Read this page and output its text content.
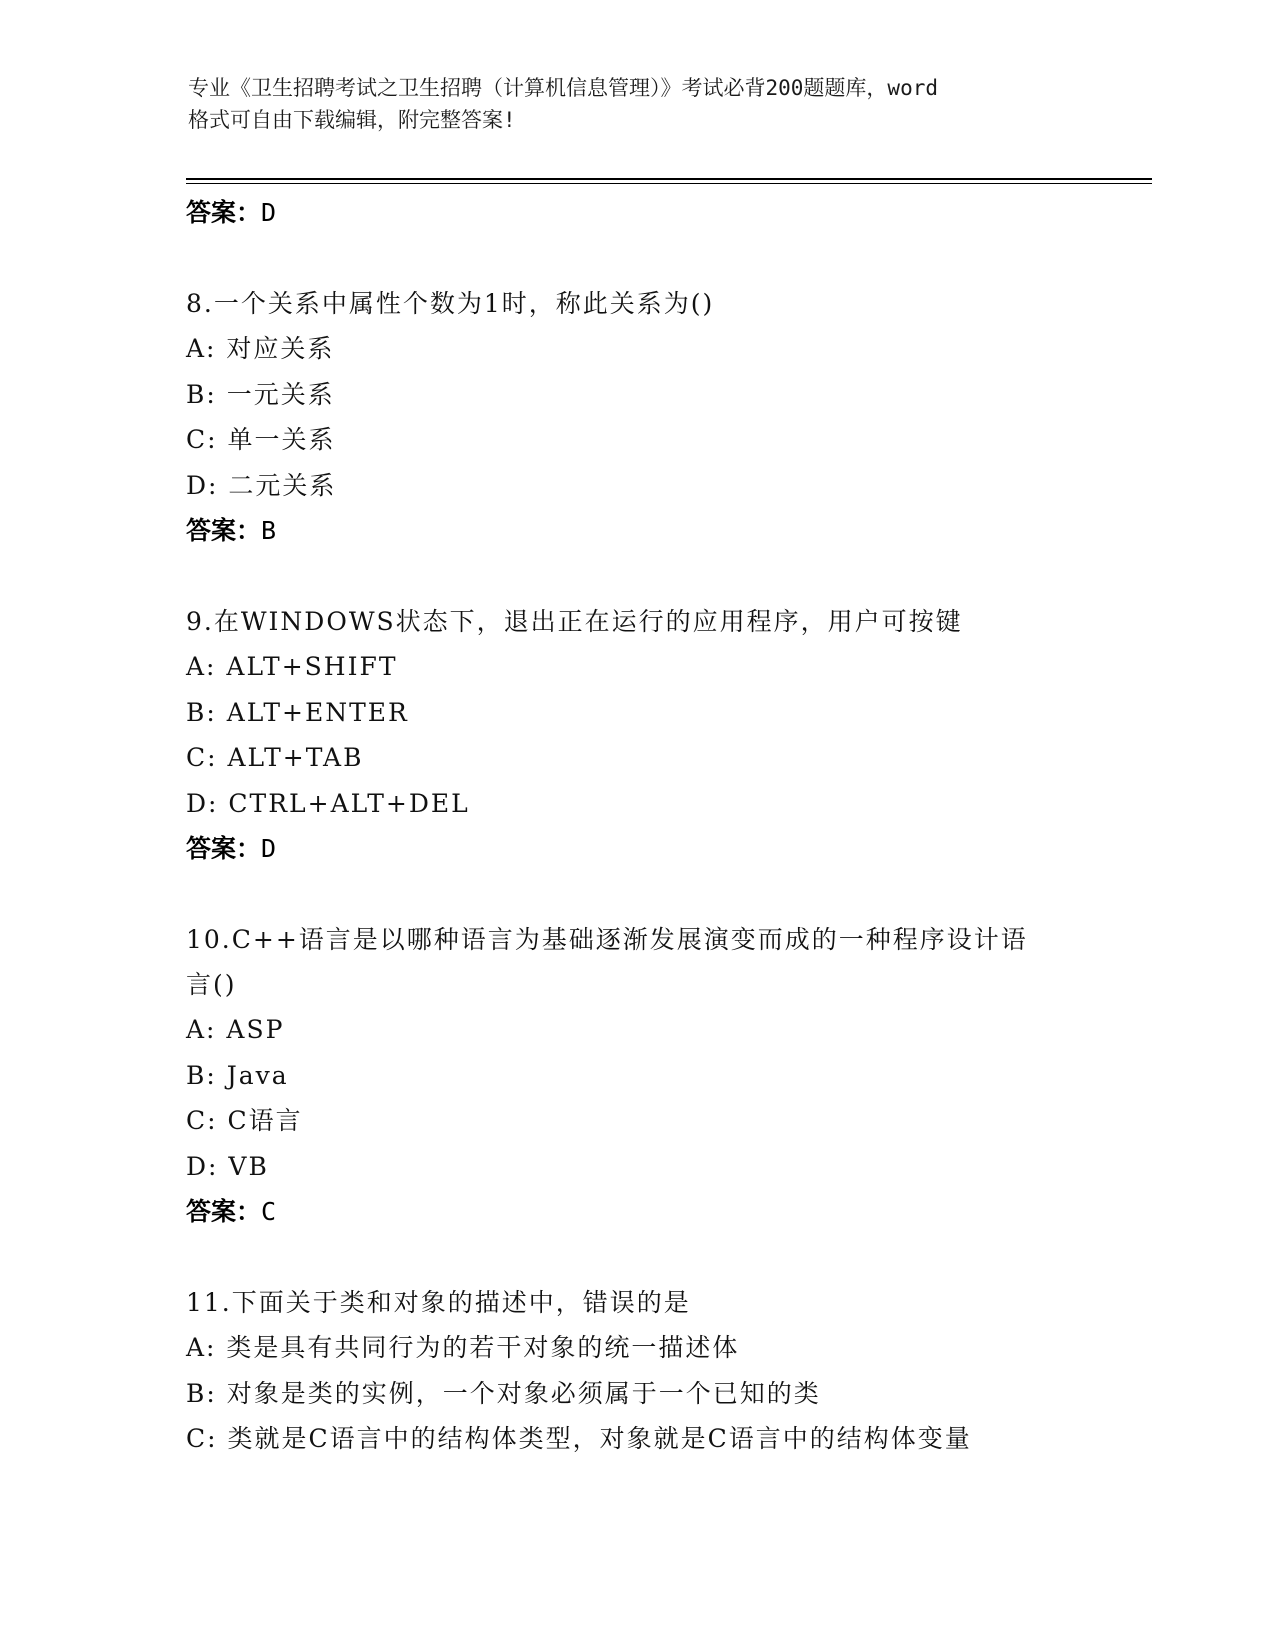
专业《卫生招聘考试之卫生招聘（计算机信息管理）》考试必背200题题库，word
格式可自由下载编辑，附完整答案!
答案：D
8.一个关系中属性个数为1时，称此关系为()
A: 对应关系
B: 一元关系
C: 单一关系
D: 二元关系
答案：B
9.在WINDOWS状态下，退出正在运行的应用程序，用户可按键
A: ALT+SHIFT
B: ALT+ENTER
C: ALT+TAB
D: CTRL+ALT+DEL
答案：D
10.C++语言是以哪种语言为基础逐渐发展演变而成的一种程序设计语
言()
A: ASP
B: Java
C: C语言
D: VB
答案：C
11.下面关于类和对象的描述中，错误的是
A: 类是具有共同行为的若干对象的统一描述体
B: 对象是类的实例，一个对象必须属于一个已知的类
C: 类就是C语言中的结构体类型，对象就是C语言中的结构体变量
